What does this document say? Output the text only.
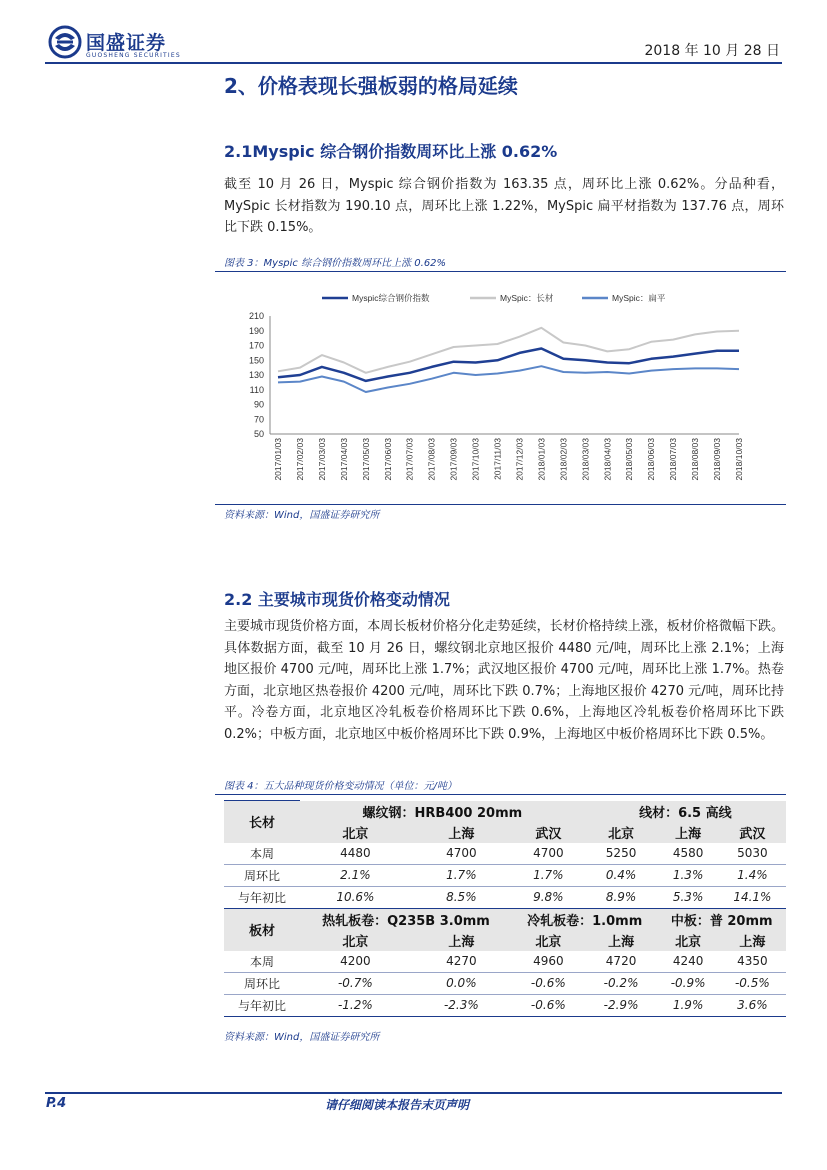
国盛证券
GUOSHENG SECURITIES	2018 年 10 月 28 日
2、价格表现长强板弱的格局延续
2.1Myspic 综合钢价指数周环比上涨 0.62%
截至 10 月 26 日，Myspic 综合钢价指数为 163.35 点，周环比上涨 0.62%。分品种看，MySpic 长材指数为 190.10 点，周环比上涨 1.22%，MySpic 扁平材指数为 137.76 点，周环比下跌 0.15%。
图表 3：Myspic 综合钢价指数周环比上涨 0.62%
50
70
90
110
130
150
170
190
210
2017/01/03 2017/02/03 2017/03/03 2017/04/03 2017/05/03 2017/06/03 2017/07/03 2017/08/03 2017/09/03 2017/10/03 2017/11/03 2017/12/03 2018/01/03 2018/02/03 2018/03/03 2018/04/03 2018/05/03 2018/06/03 2018/07/03 2018/08/03 2018/09/03 2018/10/03
Myspic综合钢价指数	MySpic：长材	MySpic：扁平
资料来源：Wind，国盛证券研究所
2.2 主要城市现货价格变动情况
主要城市现货价格方面，本周长板材价格分化走势延续，长材价格持续上涨，板材价格微幅下跌。具体数据方面，截至 10 月 26 日，螺纹钢北京地区报价 4480 元/吨，周环比上涨 2.1%；上海地区报价 4700 元/吨，周环比上涨 1.7%；武汉地区报价 4700 元/吨，周环比上涨 1.7%。热卷方面，北京地区热卷报价 4200 元/吨，周环比下跌 0.7%；上海地区报价 4270 元/吨，周环比持平。冷卷方面，北京地区冷轧板卷价格周环比下跌 0.6%，上海地区冷轧板卷价格周环比下跌 0.2%；中板方面，北京地区中板价格周环比下跌 0.9%，上海地区中板价格周环比下跌 0.5%。
图表 4：五大品种现货价格变动情况（单位：元/吨）
长材	螺纹钢：HRB400 20mm			线材：6.5 高线		
	北京	上海	武汉	北京	上海	武汉
本周	4480	4700	4700	5250	4580	5030
周环比	2.1%	1.7%	1.7%	0.4%	1.3%	1.4%
与年初比	10.6%	8.5%	9.8%	8.9%	5.3%	14.1%
板材	热轧板卷：Q235B 3.0mm		冷轧板卷：1.0mm		中板：普 20mm	
	北京	上海	北京	上海	北京	上海
本周	4200	4270	4960	4720	4240	4350
周环比	-0.7%	0.0%	-0.6%	-0.2%	-0.9%	-0.5%
与年初比	-1.2%	-2.3%	-0.6%	-2.9%	1.9%	3.6%
资料来源：Wind，国盛证券研究所
P.4	请仔细阅读本报告末页声明
